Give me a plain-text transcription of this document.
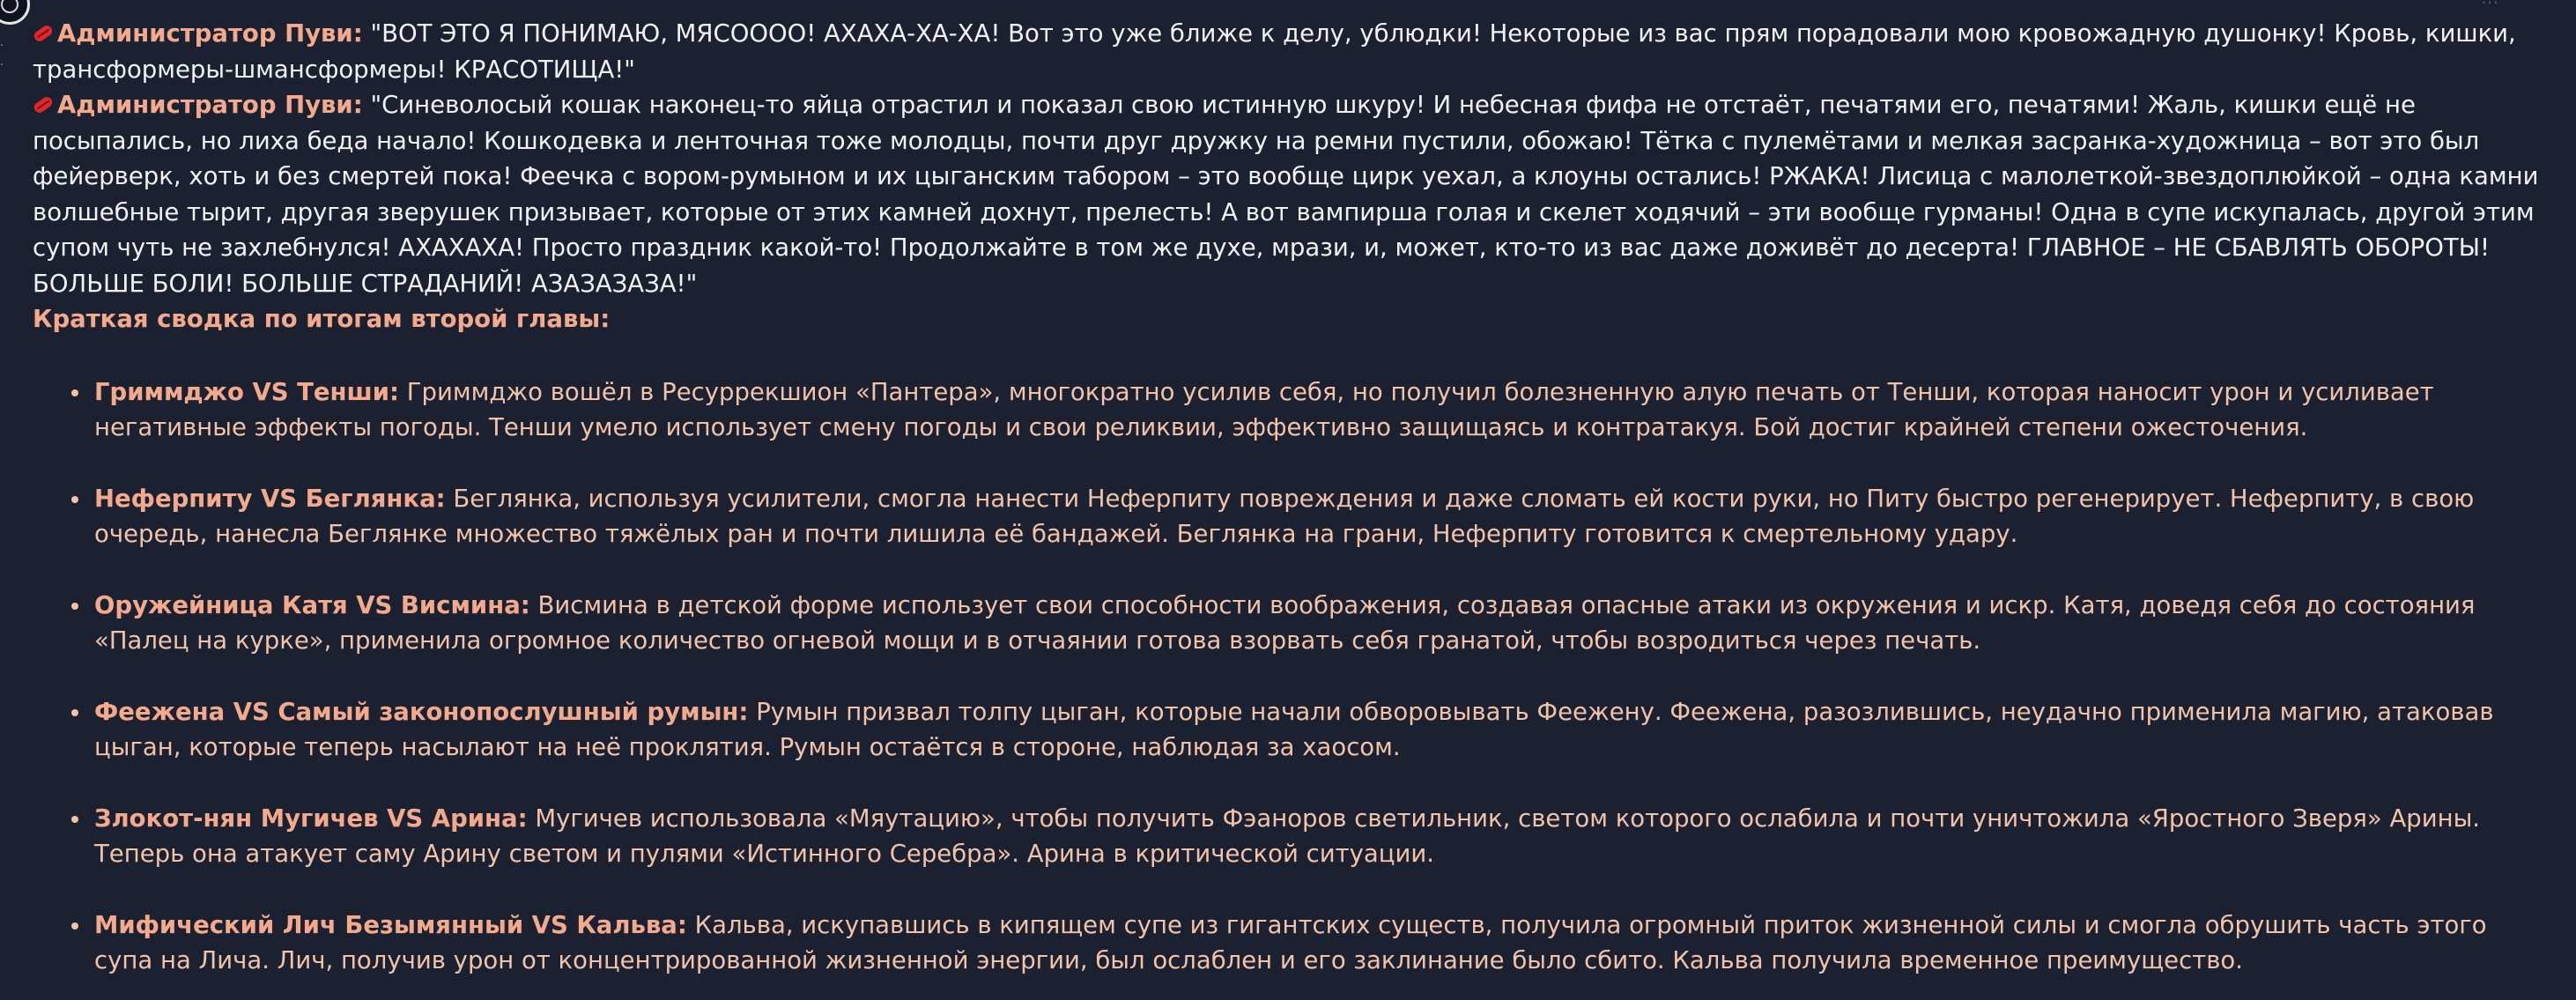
⋯
·
·

Администратор Пуви: "ВОТ ЭТО Я ПОНИМАЮ, МЯСООOO! АХАХА-ХА-ХА! Вот это уже ближе к делу, ублюдки! Некоторые из вас прям порадовали мою кровожадную душонку! Кровь, кишки, трансформеры-шмансформеры! КРАСОТИЩА!"

Администратор Пуви: "Синеволосый кошак наконец-то яйца отрастил и показал свою истинную шкуру! И небесная фифа не отстаёт, печатями его, печатями! Жаль, кишки ещё не посыпались, но лиха беда начало! Кошкодевка и ленточная тоже молодцы, почти друг дружку на ремни пустили, обожаю! Тётка с пулемётами и мелкая засранка-художница – вот это был фейерверк, хоть и без смертей пока! Феечка с вором-румыном и их цыганским табором – это вообще цирк уехал, а клоуны остались! РЖАКА! Лисица с малолеткой-звездоплюйкой – одна камни волшебные тырит, другая зверушек призывает, которые от этих камней дохнут, прелесть! А вот вампирша голая и скелет ходячий – эти вообще гурманы! Одна в супе искупалась, другой этим супом чуть не захлебнулся! АХАХАХА! Просто праздник какой-то! Продолжайте в том же духе, мрази, и, может, кто-то из вас даже доживёт до десерта! ГЛАВНОЕ – НЕ СБАВЛЯТЬ ОБОРОТЫ! БОЛЬШЕ БОЛИ! БОЛЬШЕ СТРАДАНИЙ! АЗАЗАЗАЗА!"

Краткая сводка по итогам второй главы:

Гриммджо VS Тенши: Гриммджо вошёл в Ресуррекшион «Пантера», многократно усилив себя, но получил болезненную алую печать от Тенши, которая наносит урон и усиливает негативные эффекты погоды. Тенши умело использует смену погоды и свои реликвии, эффективно защищаясь и контратакуя. Бой достиг крайней степени ожесточения.
Неферпиту VS Беглянка: Беглянка, используя усилители, смогла нанести Неферпиту повреждения и даже сломать ей кости руки, но Питу быстро регенерирует. Неферпиту, в свою очередь, нанесла Беглянке множество тяжёлых ран и почти лишила её бандажей. Беглянка на грани, Неферпиту готовится к смертельному удару.
Оружейница Катя VS Висмина: Висмина в детской форме использует свои способности воображения, создавая опасные атаки из окружения и искр. Катя, доведя себя до состояния «Палец на курке», применила огромное количество огневой мощи и в отчаянии готова взорвать себя гранатой, чтобы возродиться через печать.
Феежена VS Самый законопослушный румын: Румын призвал толпу цыган, которые начали обворовывать Феежену. Феежена, разозлившись, неудачно применила магию, атаковав цыган, которые теперь насылают на неё проклятия. Румын остаётся в стороне, наблюдая за хаосом.
Злокот-нян Мугичев VS Арина: Мугичев использовала «Мяутацию», чтобы получить Фэаноров светильник, светом которого ослабила и почти уничтожила «Яростного Зверя» Арины. Теперь она атакует саму Арину светом и пулями «Истинного Серебра». Арина в критической ситуации.
Мифический Лич Безымянный VS Кальва: Кальва, искупавшись в кипящем супе из гигантских существ, получила огромный приток жизненной силы и смогла обрушить часть этого супа на Лича. Лич, получив урон от концентрированной жизненной энергии, был ослаблен и его заклинание было сбито. Кальва получила временное преимущество.
